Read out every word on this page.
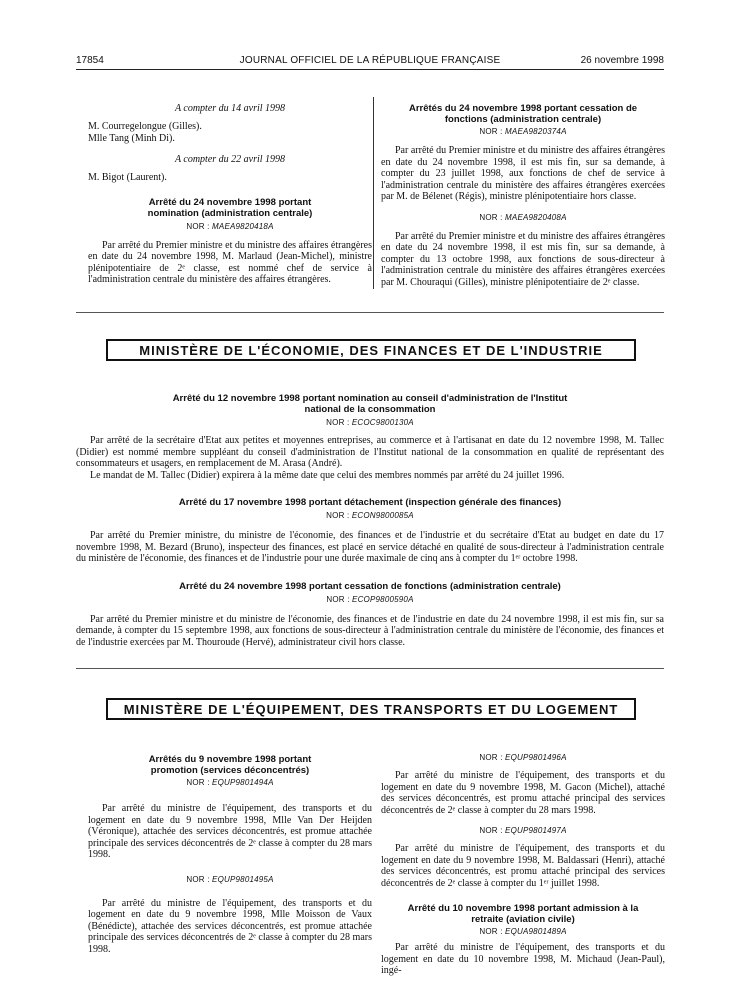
17854	JOURNAL OFFICIEL DE LA RÉPUBLIQUE FRANÇAISE	26 novembre 1998

A compter du 14 avril 1998

M. Courregelongue (Gilles).

Mlle Tang (Minh Di).

A compter du 22 avril 1998

M. Bigot (Laurent).

Arrêté du 24 novembre 1998 portant nomination (administration centrale)

NOR : MAEA9820418A

Par arrêté du Premier ministre et du ministre des affaires étrangères en date du 24 novembre 1998, M. Marlaud (Jean-Michel), ministre plénipotentiaire de 2ᵉ classe, est nommé chef de service à l'administration centrale du ministère des affaires étrangères.

Arrêtés du 24 novembre 1998 portant cessation de fonctions (administration centrale)

NOR : MAEA9820374A

Par arrêté du Premier ministre et du ministre des affaires étrangères en date du 24 novembre 1998, il est mis fin, sur sa demande, à compter du 23 juillet 1998, aux fonctions de chef de service à l'administration centrale du ministère des affaires étrangères exercées par M. de Bélenet (Régis), ministre plénipotentiaire hors classe.

NOR : MAEA9820408A

Par arrêté du Premier ministre et du ministre des affaires étrangères en date du 24 novembre 1998, il est mis fin, sur sa demande, à compter du 13 octobre 1998, aux fonctions de sous-directeur à l'administration centrale du ministère des affaires étrangères exercées par M. Chouraqui (Gilles), ministre plénipotentiaire de 2ᵉ classe.

MINISTÈRE DE L'ÉCONOMIE, DES FINANCES ET DE L'INDUSTRIE

Arrêté du 12 novembre 1998 portant nomination au conseil d'administration de l'Institut national de la consommation

NOR : ECOC9800130A

Par arrêté de la secrétaire d'Etat aux petites et moyennes entreprises, au commerce et à l'artisanat en date du 12 novembre 1998, M. Tallec (Didier) est nommé membre suppléant du conseil d'administration de l'Institut national de la consommation en qualité de représentant des consommateurs et usagers, en remplacement de M. Arasa (André).

Le mandat de M. Tallec (Didier) expirera à la même date que celui des membres nommés par arrêté du 24 juillet 1996.

Arrêté du 17 novembre 1998 portant détachement (inspection générale des finances)

NOR : ECON9800085A

Par arrêté du Premier ministre, du ministre de l'économie, des finances et de l'industrie et du secrétaire d'Etat au budget en date du 17 novembre 1998, M. Bezard (Bruno), inspecteur des finances, est placé en service détaché en qualité de sous-directeur à l'administration centrale du ministère de l'économie, des finances et de l'industrie pour une durée maximale de cinq ans à compter du 1ᵉʳ octobre 1998.

Arrêté du 24 novembre 1998 portant cessation de fonctions (administration centrale)

NOR : ECOP9800590A

Par arrêté du Premier ministre et du ministre de l'économie, des finances et de l'industrie en date du 24 novembre 1998, il est mis fin, sur sa demande, à compter du 15 septembre 1998, aux fonctions de sous-directeur à l'administration centrale du ministère de l'économie, des finances et de l'industrie exercées par M. Thouroude (Hervé), administrateur civil hors classe.

MINISTÈRE DE L'ÉQUIPEMENT, DES TRANSPORTS ET DU LOGEMENT

Arrêtés du 9 novembre 1998 portant promotion (services déconcentrés)

NOR : EQUP9801494A

Par arrêté du ministre de l'équipement, des transports et du logement en date du 9 novembre 1998, Mlle Van Der Heijden (Véronique), attachée des services déconcentrés, est promue attachée principale des services déconcentrés de 2ᵉ classe à compter du 28 mars 1998.

NOR : EQUP9801495A

Par arrêté du ministre de l'équipement, des transports et du logement en date du 9 novembre 1998, Mlle Moisson de Vaux (Bénédicte), attachée des services déconcentrés, est promue attachée principale des services déconcentrés de 2ᵉ classe à compter du 28 mars 1998.

NOR : EQUP9801496A

Par arrêté du ministre de l'équipement, des transports et du logement en date du 9 novembre 1998, M. Gacon (Michel), attaché des services déconcentrés, est promu attaché principal des services déconcentrés de 2ᵉ classe à compter du 28 mars 1998.

NOR : EQUP9801497A

Par arrêté du ministre de l'équipement, des transports et du logement en date du 9 novembre 1998, M. Baldassari (Henri), attaché des services déconcentrés, est promu attaché principal des services déconcentrés de 2ᵉ classe à compter du 1ᵉʳ juillet 1998.

Arrêté du 10 novembre 1998 portant admission à la retraite (aviation civile)

NOR : EQUA9801489A

Par arrêté du ministre de l'équipement, des transports et du logement en date du 10 novembre 1998, M. Michaud (Jean-Paul), ingé-
